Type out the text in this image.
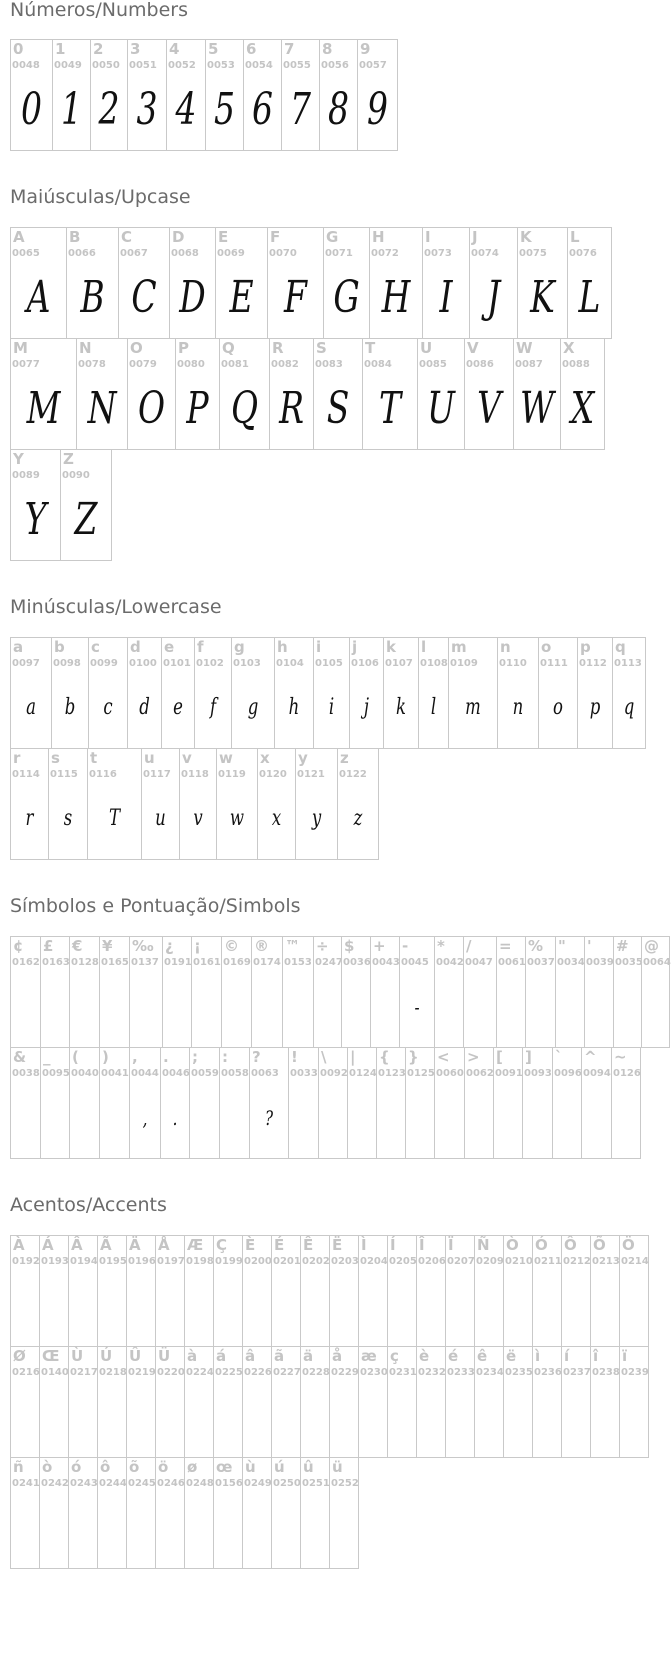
Números/Numbers
Maiúsculas/Upcase
Minúsculas/Lowercase
Símbolos e Pontuação/Simbols
Acentos/Accents
0
0048
0
1
0049
1
2
0050
2
3
0051
3
4
0052
4
5
0053
5
6
0054
6
7
0055
7
8
0056
8
9
0057
9
A
0065
A
B
0066
B
C
0067
C
D
0068
D
E
0069
E
F
0070
F
G
0071
G
H
0072
H
I
0073
I
J
0074
J
K
0075
K
L
0076
L
M
0077
M
N
0078
N
O
0079
O
P
0080
P
Q
0081
Q
R
0082
R
S
0083
S
T
0084
T
U
0085
U
V
0086
V
W
0087
W
X
0088
X
Y
0089
Y
Z
0090
Z
a
0097
a
b
0098
b
c
0099
c
d
0100
d
e
0101
e
f
0102
f
g
0103
g
h
0104
h
i
0105
i
j
0106
j
k
0107
k
l
0108
l
m
0109
m
n
0110
n
o
0111
o
p
0112
p
q
0113
q
r
0114
r
s
0115
s
t
0116
T
u
0117
u
v
0118
v
w
0119
w
x
0120
x
y
0121
y
z
0122
z
¢
0162
£
0163
€
0128
¥
0165
‰
0137
¿
0191
¡
0161
©
0169
®
0174
™
0153
÷
0247
$
0036
+
0043
-
0045
-
*
0042
/
0047
=
0061
%
0037
"
0034
'
0039
#
0035
@
0064
&
0038
_
0095
(
0040
)
0041
,
0044
,
.
0046
.
;
0059
:
0058
?
0063
?
!
0033
\
0092
|
0124
{
0123
}
0125
<
0060
>
0062
[
0091
]
0093
`
0096
^
0094
~
0126
À
0192
Á
0193
Â
0194
Ã
0195
Ä
0196
Å
0197
Æ
0198
Ç
0199
È
0200
É
0201
Ê
0202
Ë
0203
Ì
0204
Í
0205
Î
0206
Ï
0207
Ñ
0209
Ò
0210
Ó
0211
Ô
0212
Õ
0213
Ö
0214
Ø
0216
Œ
0140
Ù
0217
Ú
0218
Û
0219
Ü
0220
à
0224
á
0225
â
0226
ã
0227
ä
0228
å
0229
æ
0230
ç
0231
è
0232
é
0233
ê
0234
ë
0235
ì
0236
í
0237
î
0238
ï
0239
ñ
0241
ò
0242
ó
0243
ô
0244
õ
0245
ö
0246
ø
0248
œ
0156
ù
0249
ú
0250
û
0251
ü
0252
